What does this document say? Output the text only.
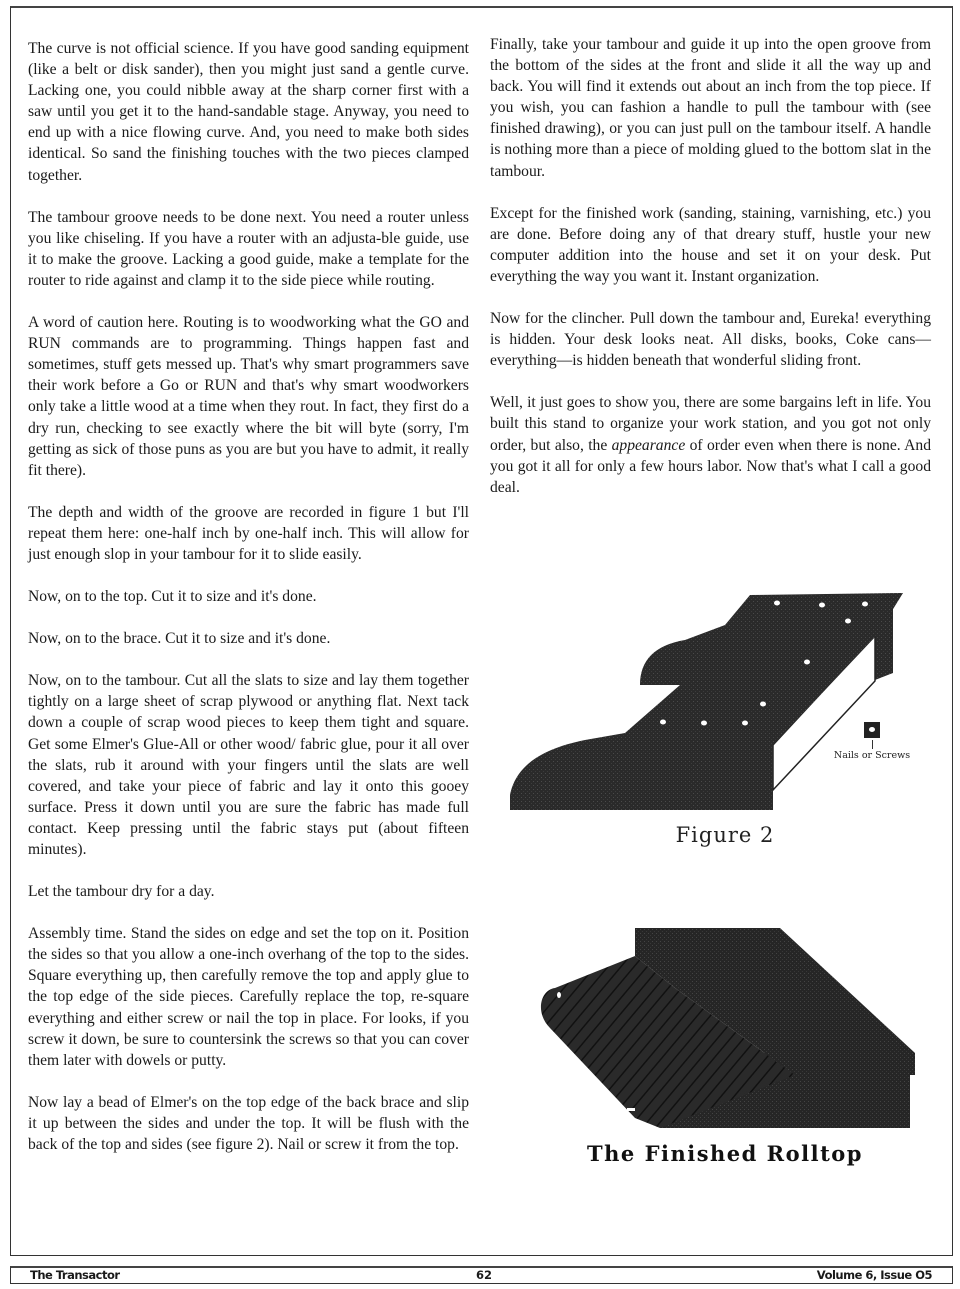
The curve is not official science. If you have good sanding equipment (like a belt or disk sander), then you might just sand a gentle curve. Lacking one, you could nibble away at the sharp corner first with a saw until you get it to the hand-sandable stage. Anyway, you need to end up with a nice flowing curve. And, you need to make both sides identical. So sand the finishing touches with the two pieces clamped together.

The tambour groove needs to be done next. You need a router unless you like chiseling. If you have a router with an adjusta-ble guide, use it to make the groove. Lacking a good guide, make a template for the router to ride against and clamp it to the side piece while routing.

A word of caution here. Routing is to woodworking what the GO and RUN commands are to programming. Things happen fast and sometimes, stuff gets messed up. That's why smart programmers save their work before a Go or RUN and that's why smart woodworkers only take a little wood at a time when they rout. In fact, they first do a dry run, checking to see exactly where the bit will byte (sorry, I'm getting as sick of those puns as you are but you have to admit, it really fit there).

The depth and width of the groove are recorded in figure 1 but I'll repeat them here: one-half inch by one-half inch. This will allow for just enough slop in your tambour for it to slide easily.

Now, on to the top. Cut it to size and it's done.

Now, on to the brace. Cut it to size and it's done.

Now, on to the tambour. Cut all the slats to size and lay them together tightly on a large sheet of scrap plywood or anything flat. Next tack down a couple of scrap wood pieces to keep them tight and square. Get some Elmer's Glue-All or other wood/ fabric glue, pour it all over the slats, rub it around with your fingers until the slats are well covered, and take your piece of fabric and lay it onto this gooey surface. Press it down until you are sure the fabric has made full contact. Keep pressing until the fabric stays put (about fifteen minutes).

Let the tambour dry for a day.

Assembly time. Stand the sides on edge and set the top on it. Position the sides so that you allow a one-inch overhang of the top to the sides. Square everything up, then carefully remove the top and apply glue to the top edge of the side pieces. Carefully replace the top, re-square everything and either screw or nail the top in place. For looks, if you screw it down, be sure to countersink the screws so that you can cover them later with dowels or putty.

Now lay a bead of Elmer's on the top edge of the back brace and slip it up between the sides and under the top. It will be flush with the back of the top and sides (see figure 2). Nail or screw it from the top.

Finally, take your tambour and guide it up into the open groove from the bottom of the sides at the front and slide it all the way up and back. You will find it extends out about an inch from the top piece. If you wish, you can fashion a handle to pull the tambour with (see finished drawing), or you can just pull on the tambour itself. A handle is nothing more than a piece of molding glued to the bottom slat in the tambour.

Except for the finished work (sanding, staining, varnishing, etc.) you are done. Before doing any of that dreary stuff, hustle your new computer addition into the house and set it on your desk. Put everything the way you want it. Instant organization.

Now for the clincher. Pull down the tambour and, Eureka! everything is hidden. Your desk looks neat. All disks, books, Coke cans—everything—is hidden beneath that wonderful sliding front.

Well, it just goes to show you, there are some bargains left in life. You built this stand to organize your work station, and you got not only order, but also, the appearance of order even when there is none. And you got it all for only a few hours labor. Now that's what I call a good deal.

Nails or Screws
Figure 2
The Finished Rolltop
The Transactor	62	Volume 6, Issue O5
